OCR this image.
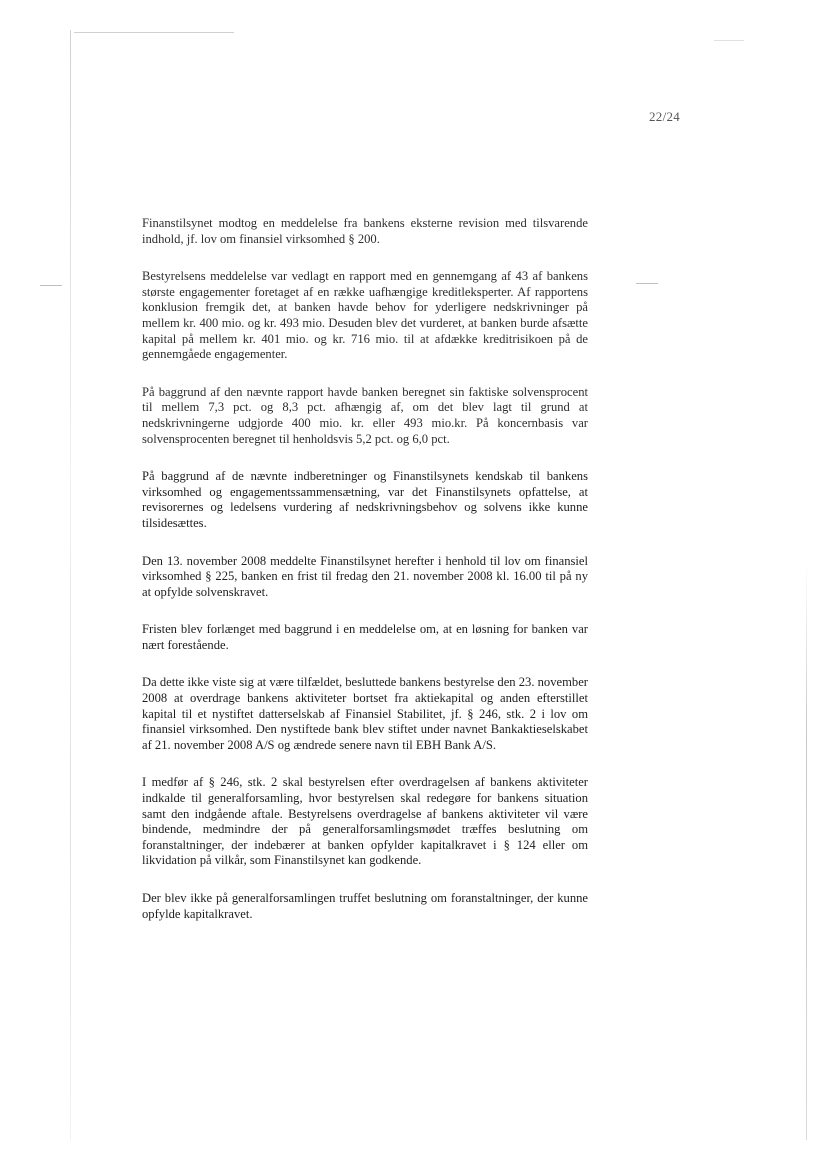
22/24

Finanstilsynet modtog en meddelelse fra bankens eksterne revision med tilsvarende indhold, jf. lov om finansiel virksomhed § 200.

Bestyrelsens meddelelse var vedlagt en rapport med en gennemgang af 43 af bankens største engagementer foretaget af en række uafhængige kreditleksperter. Af rapportens konklusion fremgik det, at banken havde behov for yderligere nedskrivninger på mellem kr. 400 mio. og kr. 493 mio. Desuden blev det vurderet, at banken burde afsætte kapital på mellem kr. 401 mio. og kr. 716 mio. til at afdække kreditrisikoen på de gennemgåede engagementer.

På baggrund af den nævnte rapport havde banken beregnet sin faktiske solvensprocent til mellem 7,3 pct. og 8,3 pct. afhængig af, om det blev lagt til grund at nedskrivningerne udgjorde 400 mio. kr. eller 493 mio.kr. På koncernbasis var solvensprocenten beregnet til henholdsvis 5,2 pct. og 6,0 pct.

På baggrund af de nævnte indberetninger og Finanstilsynets kendskab til bankens virksomhed og engagementssammensætning, var det Finanstilsynets opfattelse, at revisorernes og ledelsens vurdering af nedskrivningsbehov og solvens ikke kunne tilsidesættes.

Den 13. november 2008 meddelte Finanstilsynet herefter i henhold til lov om finansiel virksomhed § 225, banken en frist til fredag den 21. november 2008 kl. 16.00 til på ny at opfylde solvenskravet.

Fristen blev forlænget med baggrund i en meddelelse om, at en løsning for banken var nært forestående.

Da dette ikke viste sig at være tilfældet, besluttede bankens bestyrelse den 23. november 2008 at overdrage bankens aktiviteter bortset fra aktiekapital og anden efterstillet kapital til et nystiftet datterselskab af Finansiel Stabilitet, jf. § 246, stk. 2 i lov om finansiel virksomhed. Den nystiftede bank blev stiftet under navnet Bankaktieselskabet af 21. november 2008 A/S og ændrede senere navn til EBH Bank A/S.

I medfør af § 246, stk. 2 skal bestyrelsen efter overdragelsen af bankens aktiviteter indkalde til generalforsamling, hvor bestyrelsen skal redegøre for bankens situation samt den indgående aftale. Bestyrelsens overdragelse af bankens aktiviteter vil være bindende, medmindre der på generalforsamlingsmødet træffes beslutning om foranstaltninger, der indebærer at banken opfylder kapitalkravet i § 124 eller om likvidation på vilkår, som Finanstilsynet kan godkende.

Der blev ikke på generalforsamlingen truffet beslutning om foranstaltninger, der kunne opfylde kapitalkravet.
